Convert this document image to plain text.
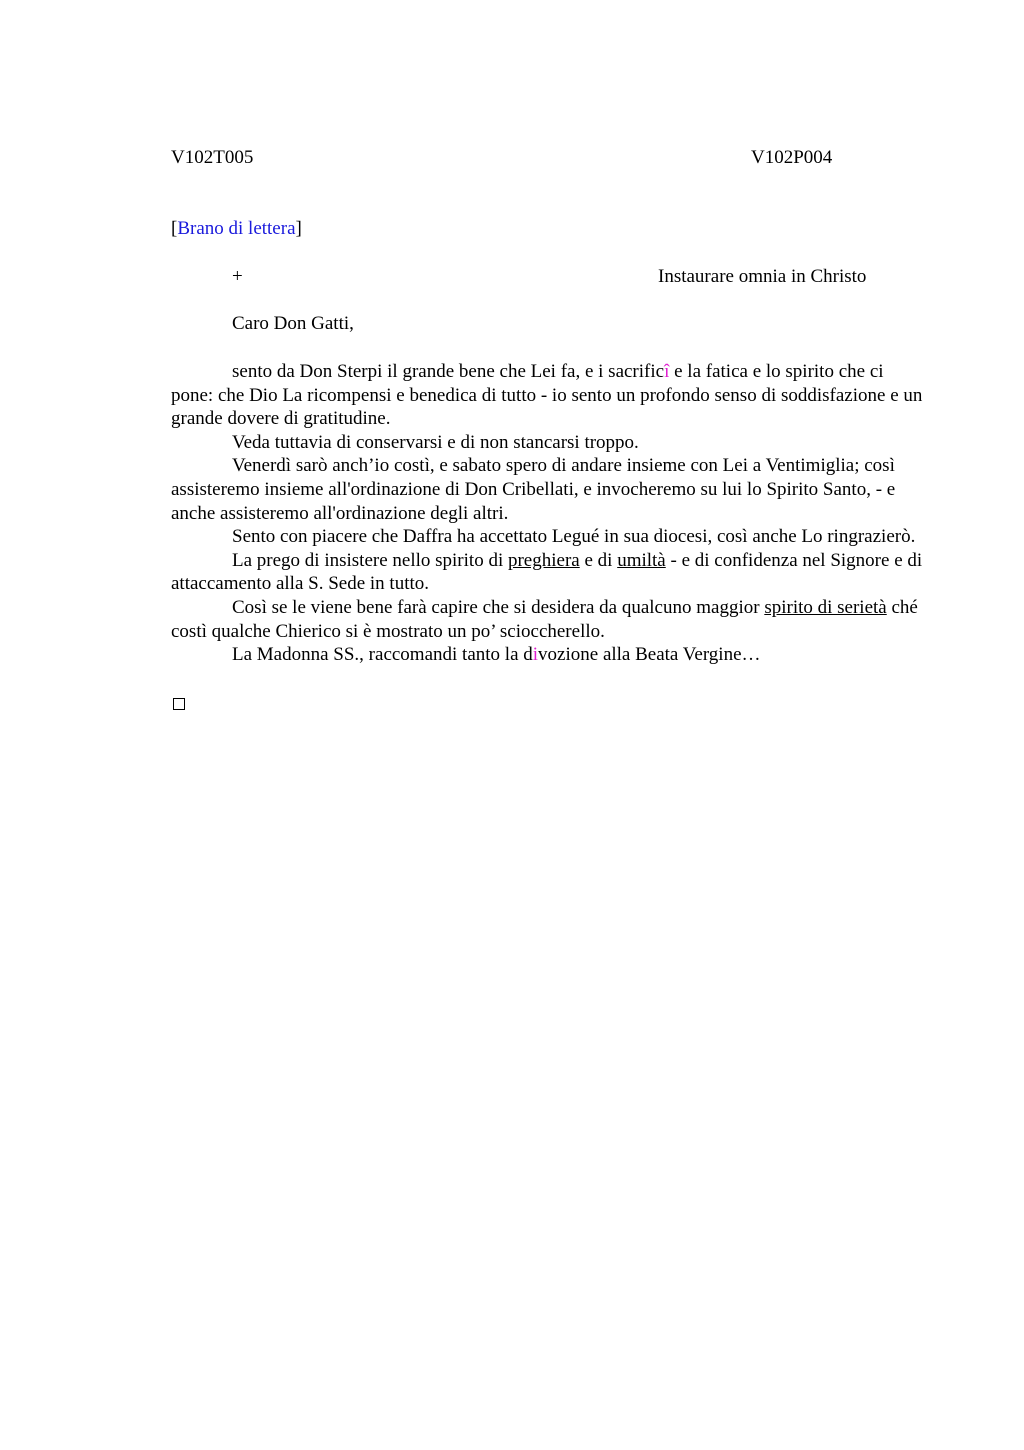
V102T005	V102P004
[Brano di lettera]
+	Instaurare omnia in Christo
Caro Don Gatti,
sento da Don Sterpi il grande bene che Lei fa, e i sacrificî e la fatica e lo spirito che ci pone: che Dio La ricompensi e benedica di tutto - io sento un profondo senso di soddisfazione e un grande dovere di gratitudine.
Veda tuttavia di conservarsi e di non stancarsi troppo.
Venerdì sarò anch’io costì, e sabato spero di andare insieme con Lei a Ventimiglia; così assisteremo insieme all'ordinazione di Don Cribellati, e invocheremo su lui lo Spirito Santo, - e anche assisteremo all'ordinazione degli altri.
Sento con piacere che Daffra ha accettato Legué in sua diocesi, così anche Lo ringrazierò.
La prego di insistere nello spirito di preghiera e di umiltà - e di confidenza nel Signore e di attaccamento alla S. Sede in tutto.
Così se le viene bene farà capire che si desidera da qualcuno maggior spirito di serietà ché costì qualche Chierico si è mostrato un po’ scioccherello.
La Madonna SS., raccomandi tanto la divozione alla Beata Vergine…
